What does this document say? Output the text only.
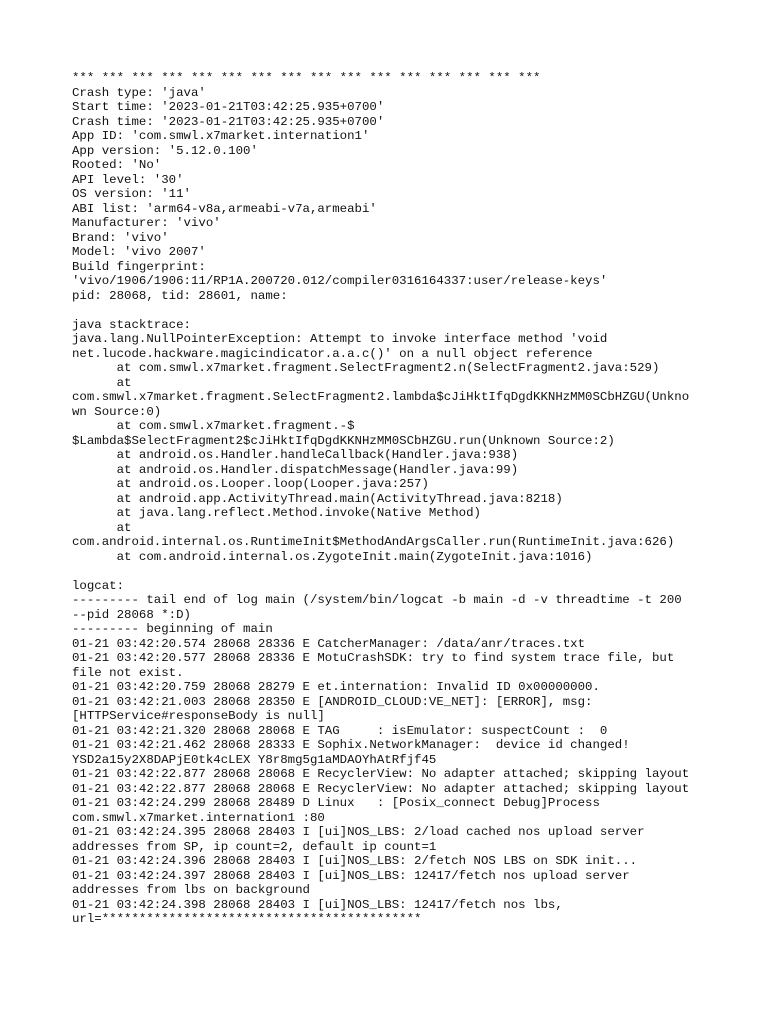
*** *** *** *** *** *** *** *** *** *** *** *** *** *** *** ***
Crash type: 'java'
Start time: '2023-01-21T03:42:25.935+0700'
Crash time: '2023-01-21T03:42:25.935+0700'
App ID: 'com.smwl.x7market.internation1'
App version: '5.12.0.100'
Rooted: 'No'
API level: '30'
OS version: '11'
ABI list: 'arm64-v8a,armeabi-v7a,armeabi'
Manufacturer: 'vivo'
Brand: 'vivo'
Model: 'vivo 2007'
Build fingerprint:
'vivo/1906/1906:11/RP1A.200720.012/compiler0316164337:user/release-keys'
pid: 28068, tid: 28601, name:
java stacktrace:
java.lang.NullPointerException: Attempt to invoke interface method 'void
net.lucode.hackware.magicindicator.a.a.c()' on a null object reference
at com.smwl.x7market.fragment.SelectFragment2.n(SelectFragment2.java:529)
at
com.smwl.x7market.fragment.SelectFragment2.lambda$cJiHktIfqDgdKKNHzMM0SCbHZGU(Unkno
wn Source:0)
at com.smwl.x7market.fragment.-$
$Lambda$SelectFragment2$cJiHktIfqDgdKKNHzMM0SCbHZGU.run(Unknown Source:2)
at android.os.Handler.handleCallback(Handler.java:938)
at android.os.Handler.dispatchMessage(Handler.java:99)
at android.os.Looper.loop(Looper.java:257)
at android.app.ActivityThread.main(ActivityThread.java:8218)
at java.lang.reflect.Method.invoke(Native Method)
at
com.android.internal.os.RuntimeInit$MethodAndArgsCaller.run(RuntimeInit.java:626)
at com.android.internal.os.ZygoteInit.main(ZygoteInit.java:1016)
logcat:
--------- tail end of log main (/system/bin/logcat -b main -d -v threadtime -t 200
--pid 28068 *:D)
--------- beginning of main
01-21 03:42:20.574 28068 28336 E CatcherManager: /data/anr/traces.txt
01-21 03:42:20.577 28068 28336 E MotuCrashSDK: try to find system trace file, but
file not exist.
01-21 03:42:20.759 28068 28279 E et.internation: Invalid ID 0x00000000.
01-21 03:42:21.003 28068 28350 E [ANDROID_CLOUD:VE_NET]: [ERROR], msg:
[HTTPService#responseBody is null]
01-21 03:42:21.320 28068 28068 E TAG     : isEmulator: suspectCount :  0
01-21 03:42:21.462 28068 28333 E Sophix.NetworkManager:  device id changed!
YSD2a15y2X8DAPjE0tk4cLEX Y8r8mg5g1aMDAOYhAtRfjf45
01-21 03:42:22.877 28068 28068 E RecyclerView: No adapter attached; skipping layout
01-21 03:42:22.877 28068 28068 E RecyclerView: No adapter attached; skipping layout
01-21 03:42:24.299 28068 28489 D Linux   : [Posix_connect Debug]Process
com.smwl.x7market.internation1 :80
01-21 03:42:24.395 28068 28403 I [ui]NOS_LBS: 2/load cached nos upload server
addresses from SP, ip count=2, default ip count=1
01-21 03:42:24.396 28068 28403 I [ui]NOS_LBS: 2/fetch NOS LBS on SDK init...
01-21 03:42:24.397 28068 28403 I [ui]NOS_LBS: 12417/fetch nos upload server
addresses from lbs on background
01-21 03:42:24.398 28068 28403 I [ui]NOS_LBS: 12417/fetch nos lbs,
url=*******************************************
